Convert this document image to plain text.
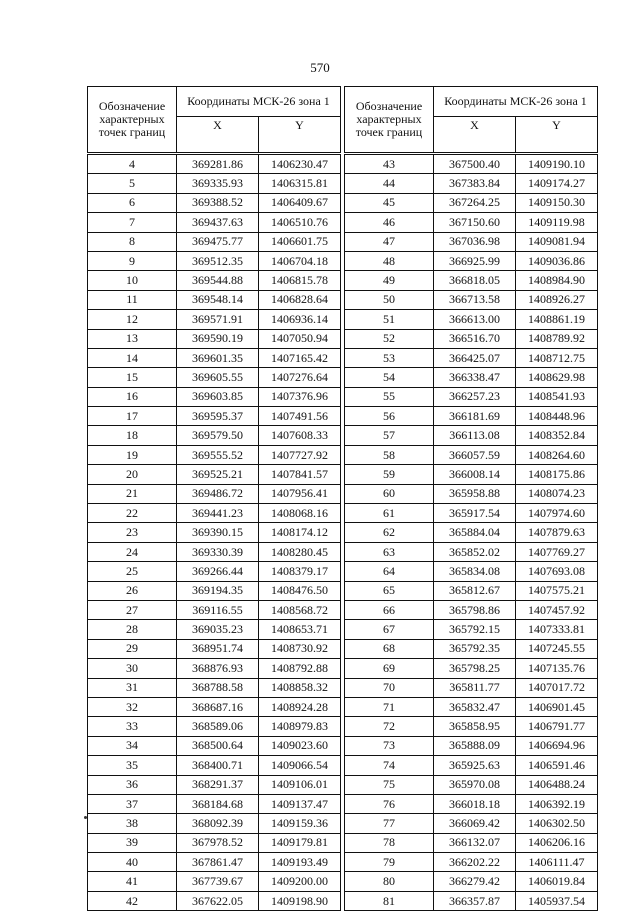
570
Обозначение характерных точек границ	Координаты МСК-26 зона 1	
	X	Y
4	369281.86	1406230.47
5	369335.93	1406315.81
6	369388.52	1406409.67
7	369437.63	1406510.76
8	369475.77	1406601.75
9	369512.35	1406704.18
10	369544.88	1406815.78
11	369548.14	1406828.64
12	369571.91	1406936.14
13	369590.19	1407050.94
14	369601.35	1407165.42
15	369605.55	1407276.64
16	369603.85	1407376.96
17	369595.37	1407491.56
18	369579.50	1407608.33
19	369555.52	1407727.92
20	369525.21	1407841.57
21	369486.72	1407956.41
22	369441.23	1408068.16
23	369390.15	1408174.12
24	369330.39	1408280.45
25	369266.44	1408379.17
26	369194.35	1408476.50
27	369116.55	1408568.72
28	369035.23	1408653.71
29	368951.74	1408730.92
30	368876.93	1408792.88
31	368788.58	1408858.32
32	368687.16	1408924.28
33	368589.06	1408979.83
34	368500.64	1409023.60
35	368400.71	1409066.54
36	368291.37	1409106.01
37	368184.68	1409137.47
38	368092.39	1409159.36
39	367978.52	1409179.81
40	367861.47	1409193.49
41	367739.67	1409200.00
42	367622.05	1409198.90
Обозначение характерных точек границ	Координаты МСК-26 зона 1	
	X	Y
43	367500.40	1409190.10
44	367383.84	1409174.27
45	367264.25	1409150.30
46	367150.60	1409119.98
47	367036.98	1409081.94
48	366925.99	1409036.86
49	366818.05	1408984.90
50	366713.58	1408926.27
51	366613.00	1408861.19
52	366516.70	1408789.92
53	366425.07	1408712.75
54	366338.47	1408629.98
55	366257.23	1408541.93
56	366181.69	1408448.96
57	366113.08	1408352.84
58	366057.59	1408264.60
59	366008.14	1408175.86
60	365958.88	1408074.23
61	365917.54	1407974.60
62	365884.04	1407879.63
63	365852.02	1407769.27
64	365834.08	1407693.08
65	365812.67	1407575.21
66	365798.86	1407457.92
67	365792.15	1407333.81
68	365792.35	1407245.55
69	365798.25	1407135.76
70	365811.77	1407017.72
71	365832.47	1406901.45
72	365858.95	1406791.77
73	365888.09	1406694.96
74	365925.63	1406591.46
75	365970.08	1406488.24
76	366018.18	1406392.19
77	366069.42	1406302.50
78	366132.07	1406206.16
79	366202.22	1406111.47
80	366279.42	1406019.84
81	366357.87	1405937.54
